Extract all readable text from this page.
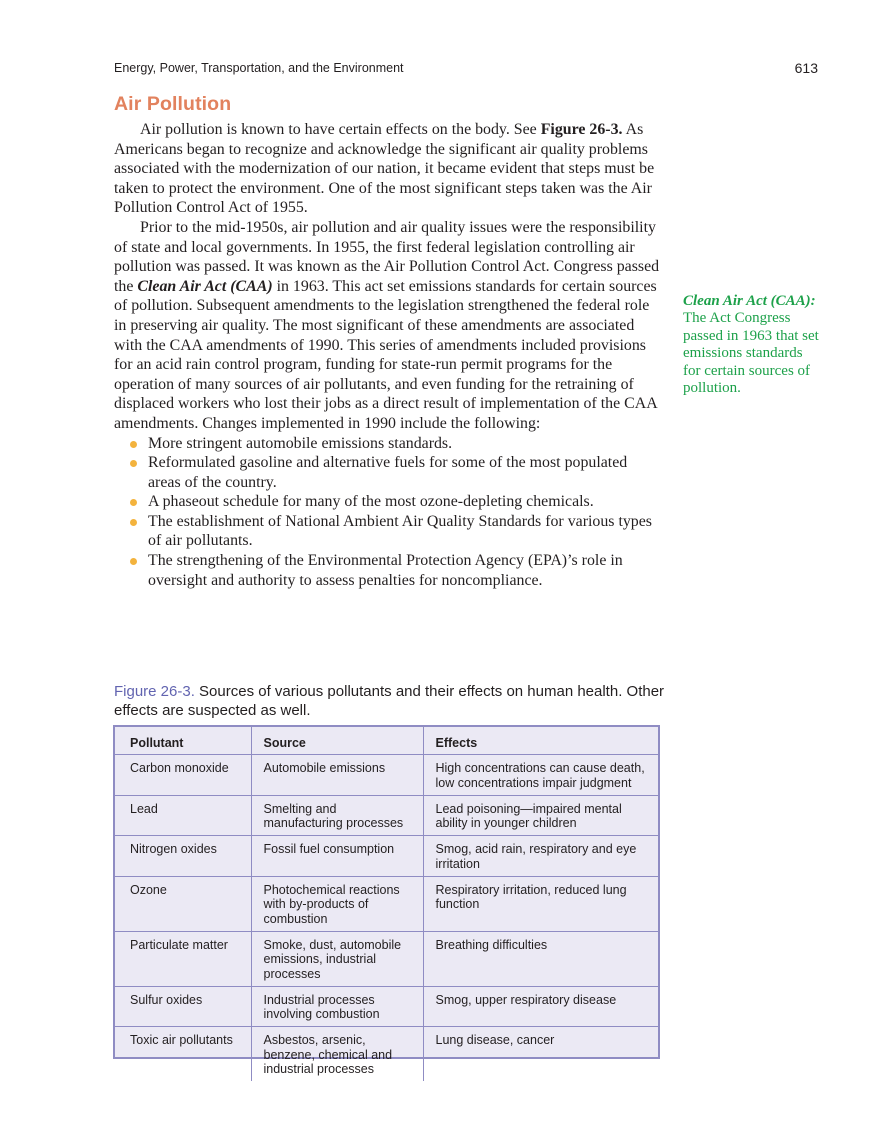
Energy, Power, Transportation, and the Environment	613
Air Pollution

Air pollution is known to have certain effects on the body. See Figure 26-3. As Americans began to recognize and acknowledge the significant air quality problems associated with the modernization of our nation, it became evident that steps must be taken to protect the environment. One of the most significant steps taken was the Air Pollution Control Act of 1955.

Prior to the mid-1950s, air pollution and air quality issues were the responsibility of state and local governments. In 1955, the first federal legislation controlling air pollution was passed. It was known as the Air Pollution Control Act. Congress passed the Clean Air Act (CAA) in 1963. This act set emissions standards for certain sources of pollution. Subsequent amendments to the legislation strengthened the federal role in preserving air quality. The most significant of these amendments are associated with the CAA amendments of 1990. This series of amendments included provisions for an acid rain control program, funding for state-run permit programs for the operation of many sources of air pollutants, and even funding for the retraining of displaced workers who lost their jobs as a direct result of implementation of the CAA amendments. Changes implemented in 1990 include the following:

More stringent automobile emissions standards.
Reformulated gasoline and alternative fuels for some of the most populated areas of the country.
A phaseout schedule for many of the most ozone-depleting chemicals.
The establishment of National Ambient Air Quality Standards for various types of air pollutants.
The strengthening of the Environmental Protection Agency (EPA)’s role in oversight and authority to assess penalties for noncompliance.
Clean Air Act (CAA): The Act Congress passed in 1963 that set emissions standards for certain sources of pollution.
Figure 26-3. Sources of various pollutants and their effects on human health. Other effects are suspected as well.
Pollutant	Source	Effects
Carbon monoxide	Automobile emissions	High concentrations can cause death, low concentrations impair judgment
Lead	Smelting and manufacturing processes	Lead poisoning—impaired mental ability in younger children
Nitrogen oxides	Fossil fuel consumption	Smog, acid rain, respiratory and eye irritation
Ozone	Photochemical reactions with by-products of combustion	Respiratory irritation, reduced lung function
Particulate matter	Smoke, dust, automobile emissions, industrial processes	Breathing difficulties
Sulfur oxides	Industrial processes involving combustion	Smog, upper respiratory disease
Toxic air pollutants	Asbestos, arsenic, benzene, chemical and industrial processes	Lung disease, cancer
